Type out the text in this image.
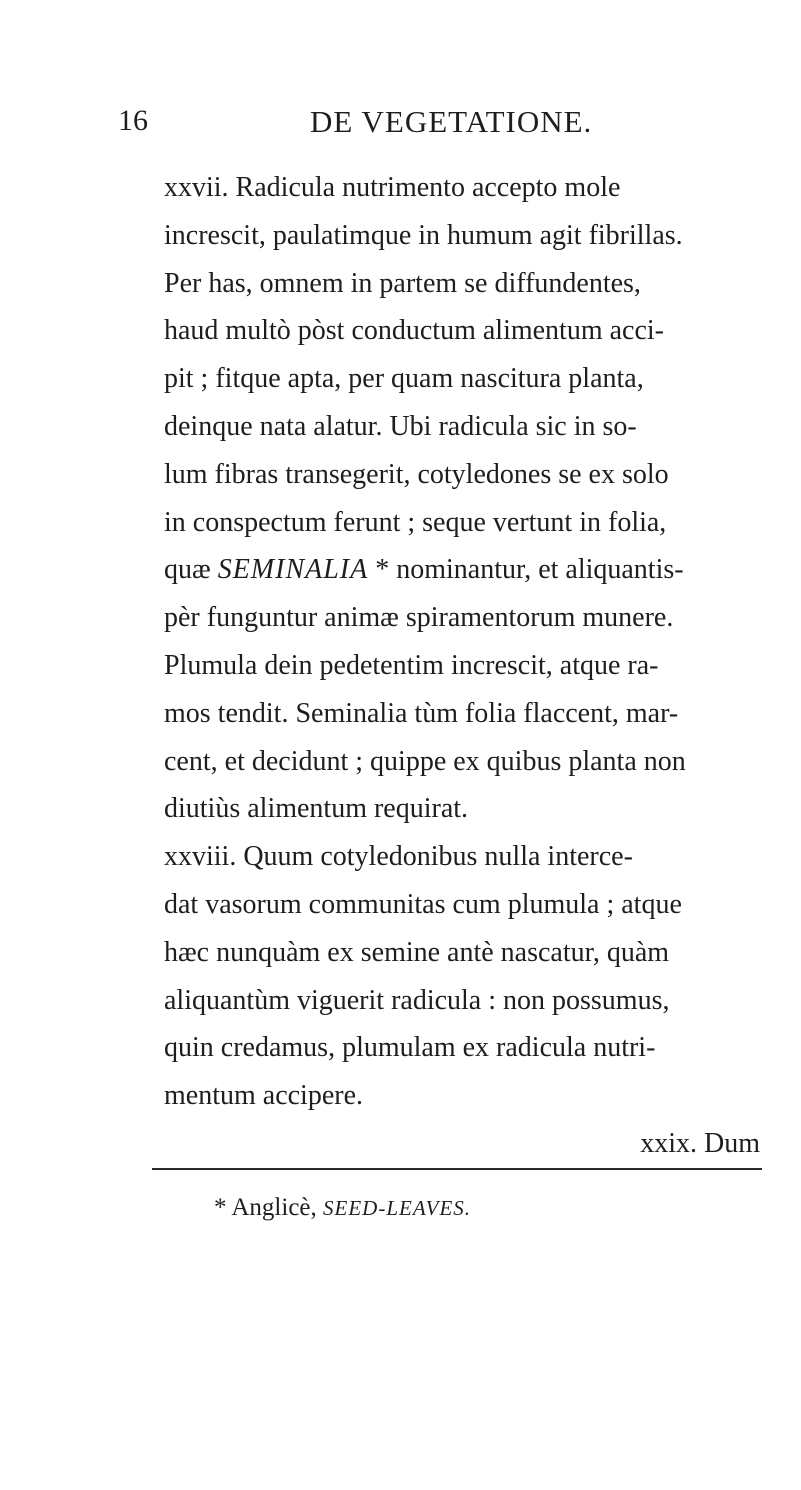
16	DE VEGETATIONE.
xxvii. Radicula nutrimento accepto mole
increscit, paulatimque in humum agit fibrillas.
Per has, omnem in partem se diffundentes,
haud multò pòst conductum alimentum acci-
pit ; fitque apta, per quam nascitura planta,
deinque nata alatur. Ubi radicula sic in so-
lum fibras transegerit, cotyledones se ex solo
in conspectum ferunt ; seque vertunt in folia,
quæ SEMINALIA * nominantur, et aliquantis-
pèr funguntur animæ spiramentorum munere.
Plumula dein pedetentim increscit, atque ra-
mos tendit. Seminalia tùm folia flaccent, mar-
cent, et decidunt ; quippe ex quibus planta non
diutiùs alimentum requirat.
xxviii. Quum cotyledonibus nulla interce-
dat vasorum communitas cum plumula ; atque
hæc nunquàm ex semine antè nascatur, quàm
aliquantùm viguerit radicula : non possumus,
quin credamus, plumulam ex radicula nutri-
mentum accipere.
xxix. Dum
* Anglicè, SEED-LEAVES.
